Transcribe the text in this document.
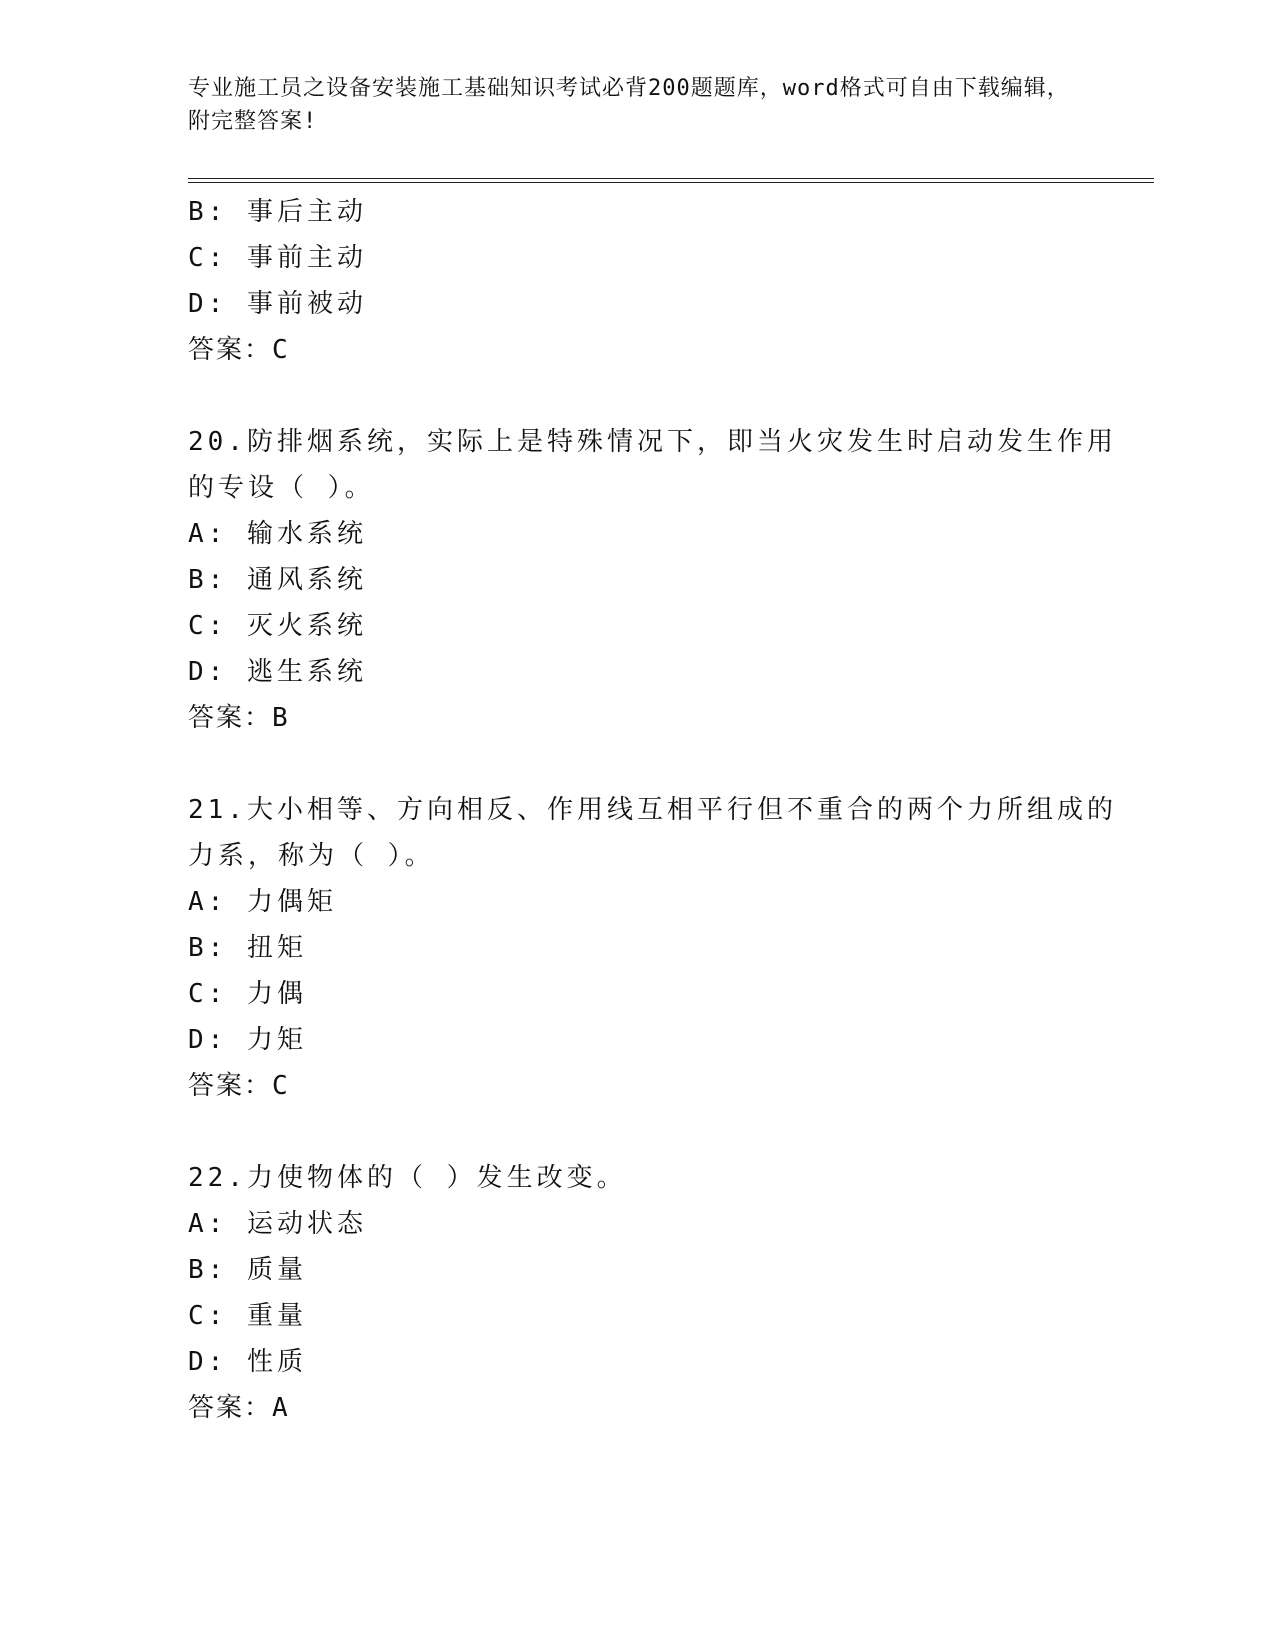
专业施工员之设备安装施工基础知识考试必背200题题库，word格式可自由下载编辑，附完整答案!
B: 事后主动
C: 事前主动
D: 事前被动
答案：C
20.防排烟系统，实际上是特殊情况下，即当火灾发生时启动发生作用
的专设（ ）。
A: 输水系统
B: 通风系统
C: 灭火系统
D: 逃生系统
答案：B
21.大小相等、方向相反、作用线互相平行但不重合的两个力所组成的
力系，称为（ ）。
A: 力偶矩
B: 扭矩
C: 力偶
D: 力矩
答案：C
22.力使物体的（ ）发生改变。
A: 运动状态
B: 质量
C: 重量
D: 性质
答案：A
